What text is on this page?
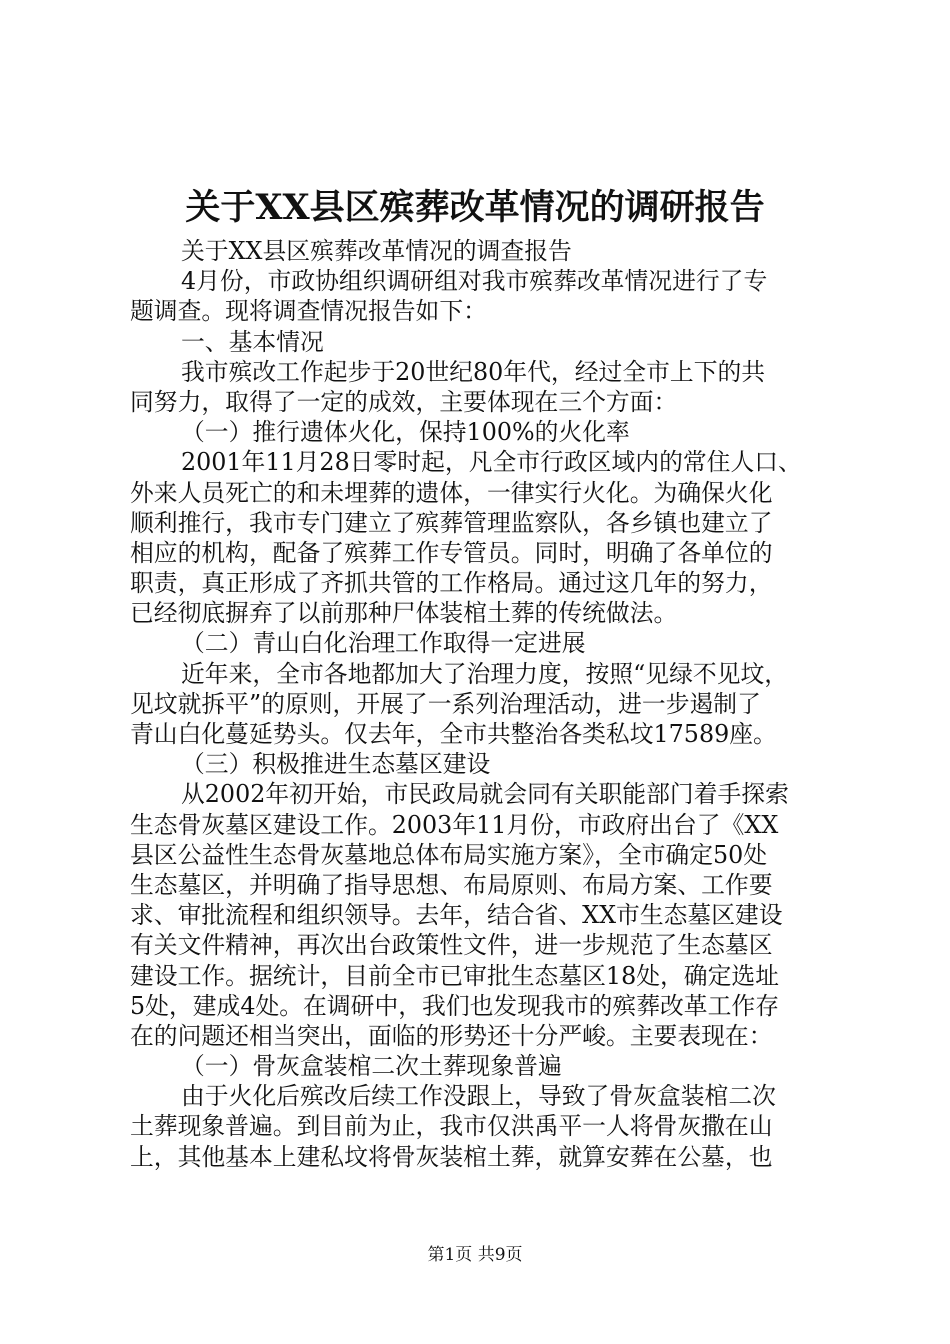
关于XX县区殡葬改革情况的调研报告
关于XX县区殡葬改革情况的调查报告
4月份，市政协组织调研组对我市殡葬改革情况进行了专
题调查。现将调查情况报告如下：
一、基本情况
我市殡改工作起步于20世纪80年代，经过全市上下的共
同努力，取得了一定的成效，主要体现在三个方面：
（一）推行遗体火化，保持100%的火化率
2001年11月28日零时起，凡全市行政区域内的常住人口、
外来人员死亡的和未埋葬的遗体，一律实行火化。为确保火化
顺利推行，我市专门建立了殡葬管理监察队，各乡镇也建立了
相应的机构，配备了殡葬工作专管员。同时，明确了各单位的
职责，真正形成了齐抓共管的工作格局。通过这几年的努力，
已经彻底摒弃了以前那种尸体装棺土葬的传统做法。
（二）青山白化治理工作取得一定进展
近年来，全市各地都加大了治理力度，按照“见绿不见坟，
见坟就拆平”的原则，开展了一系列治理活动，进一步遏制了
青山白化蔓延势头。仅去年，全市共整治各类私坟17589座。
（三）积极推进生态墓区建设
从2002年初开始，市民政局就会同有关职能部门着手探索
生态骨灰墓区建设工作。2003年11月份，市政府出台了《XX
县区公益性生态骨灰墓地总体布局实施方案》，全市确定50处
生态墓区，并明确了指导思想、布局原则、布局方案、工作要
求、审批流程和组织领导。去年，结合省、XX市生态墓区建设
有关文件精神，再次出台政策性文件，进一步规范了生态墓区
建设工作。据统计，目前全市已审批生态墓区18处，确定选址
5处，建成4处。在调研中，我们也发现我市的殡葬改革工作存
在的问题还相当突出，面临的形势还十分严峻。主要表现在：
（一）骨灰盒装棺二次土葬现象普遍
由于火化后殡改后续工作没跟上，导致了骨灰盒装棺二次
土葬现象普遍。到目前为止，我市仅洪禹平一人将骨灰撒在山
上，其他基本上建私坟将骨灰装棺土葬，就算安葬在公墓，也
第1页 共9页
